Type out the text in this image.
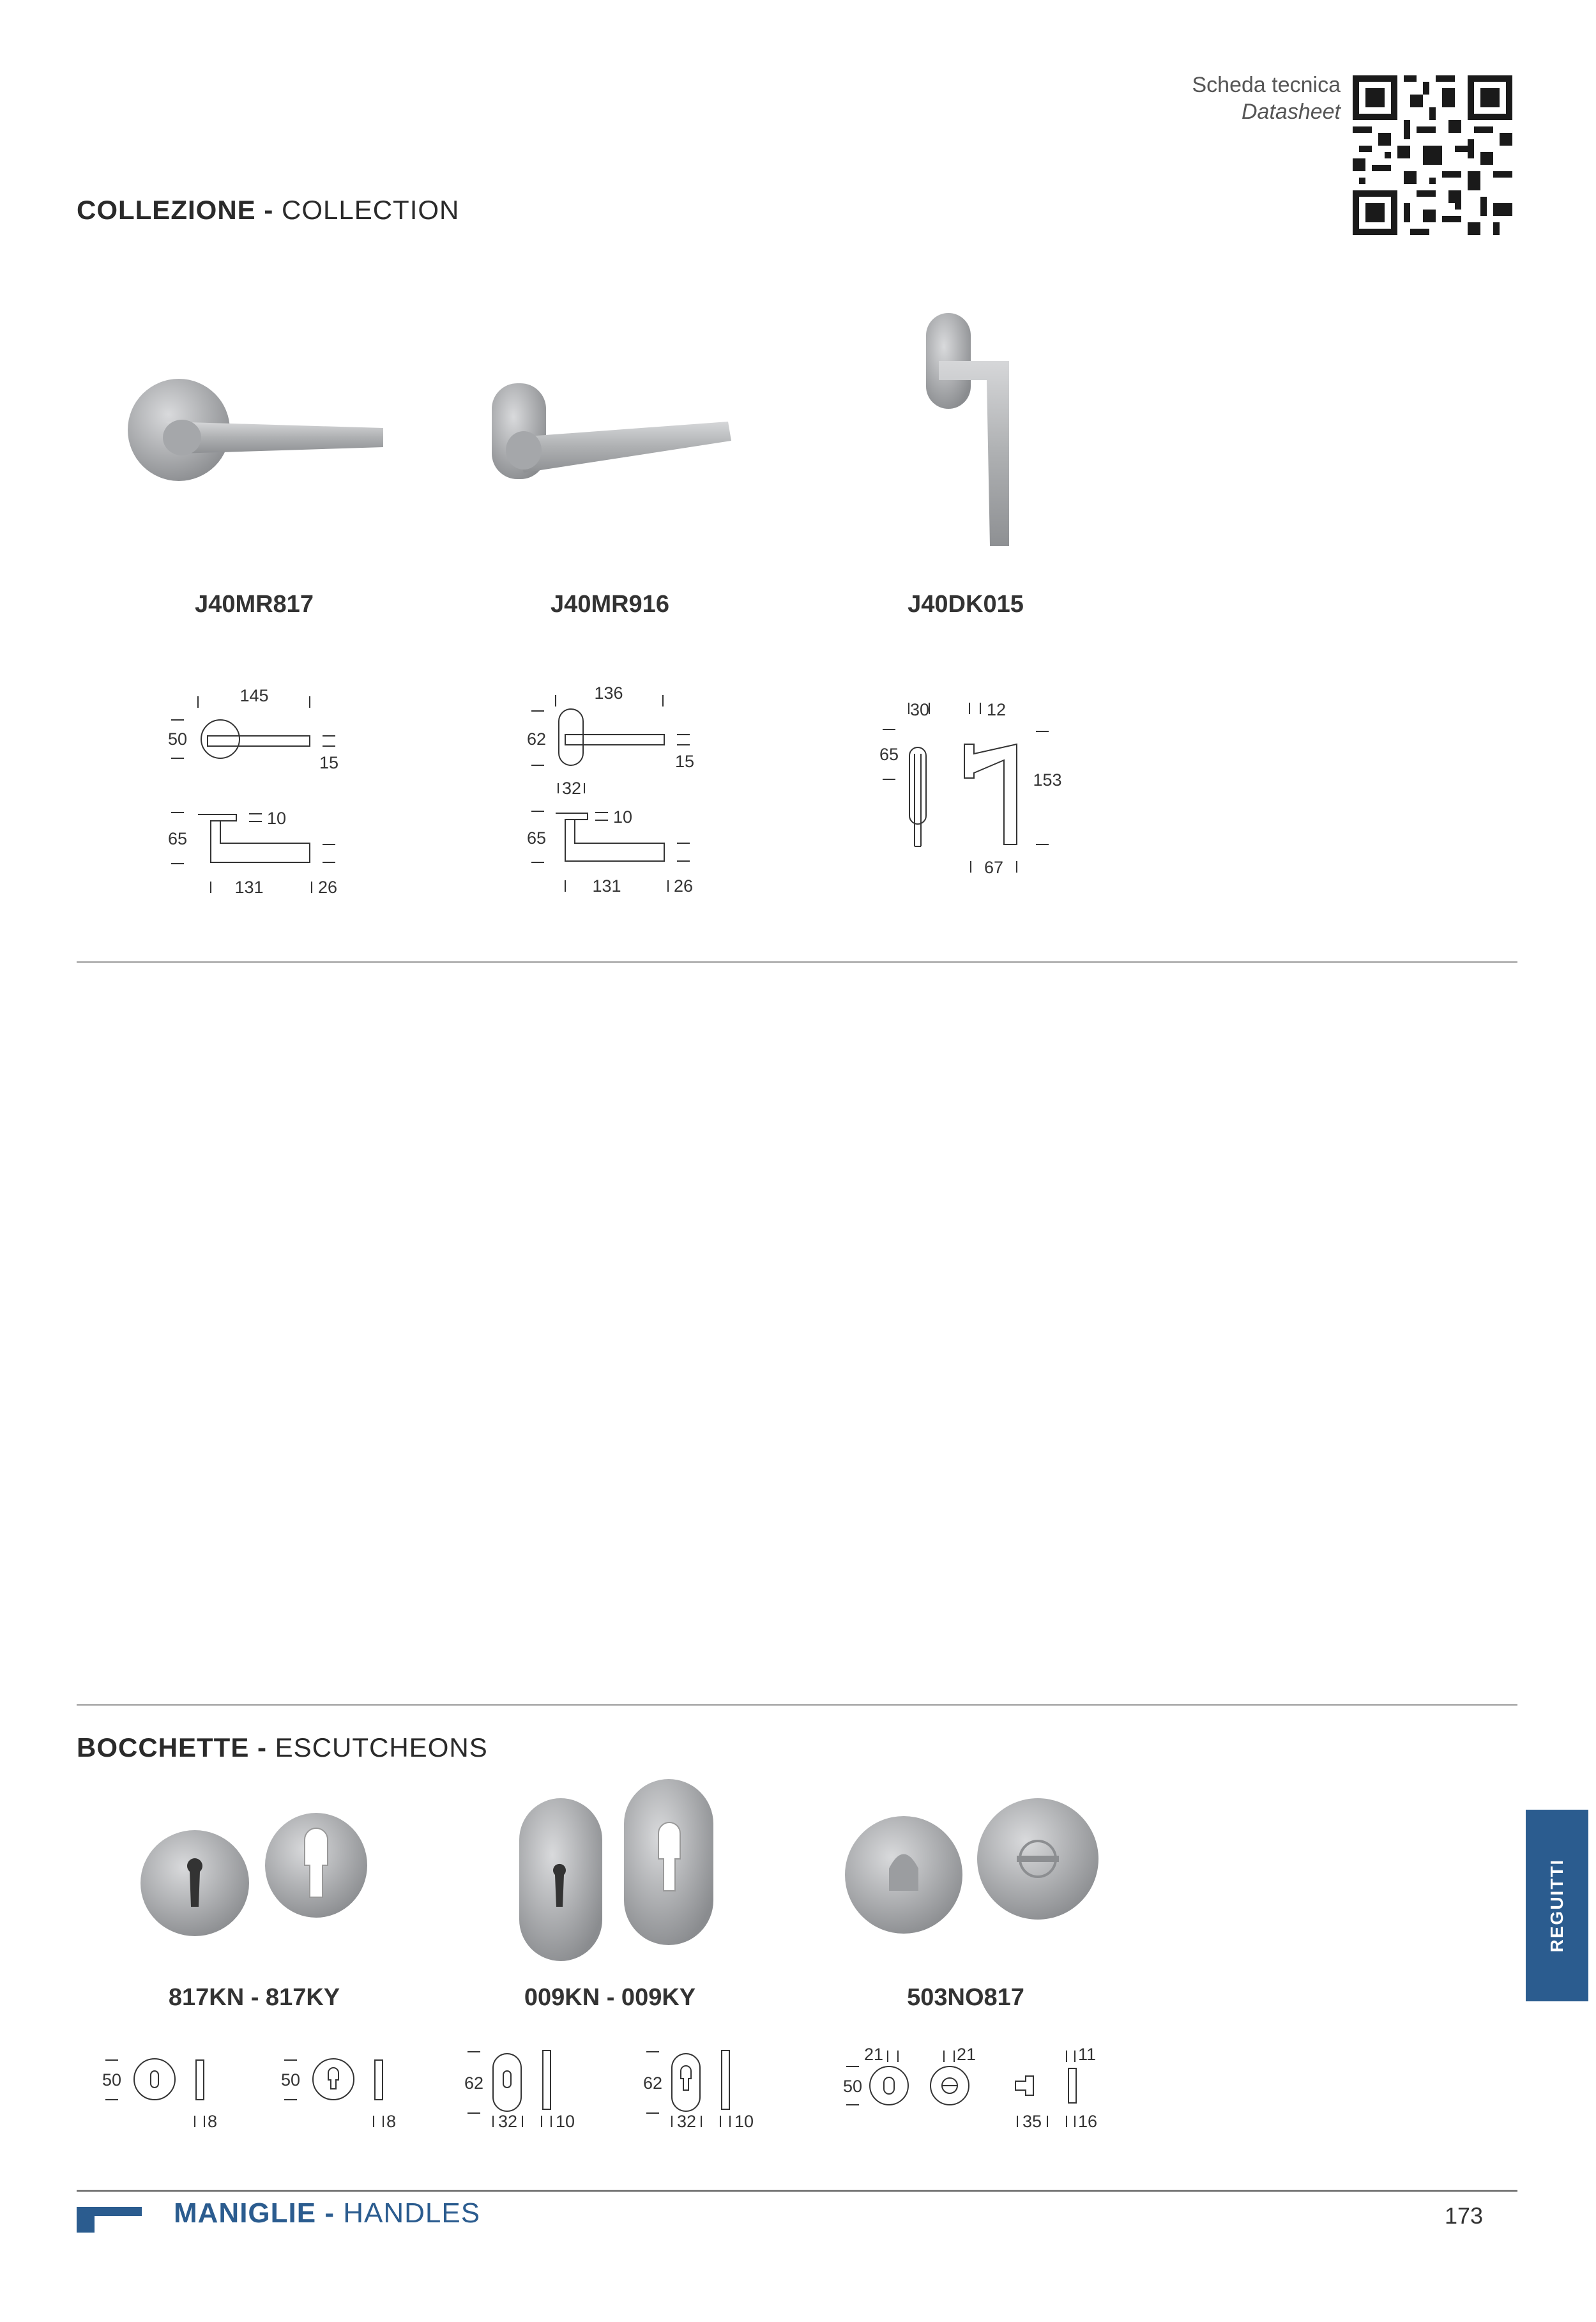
Scheda tecnica
Datasheet
COLLEZIONE - COLLECTION
J40MR817	J40MR916	J40DK015
145
50
15
10
65
131	26
136
62
15
32
10
65
131	26
30	12
65
153
67
BOCCHETTE - ESCUTCHEONS
817KN - 817KY	009KN - 009KY	503NO817
50
8
50
8
62
32 10
62
32 10
21	21
50
11
35 16
REGUITTI
MANIGLIE - HANDLES	173
